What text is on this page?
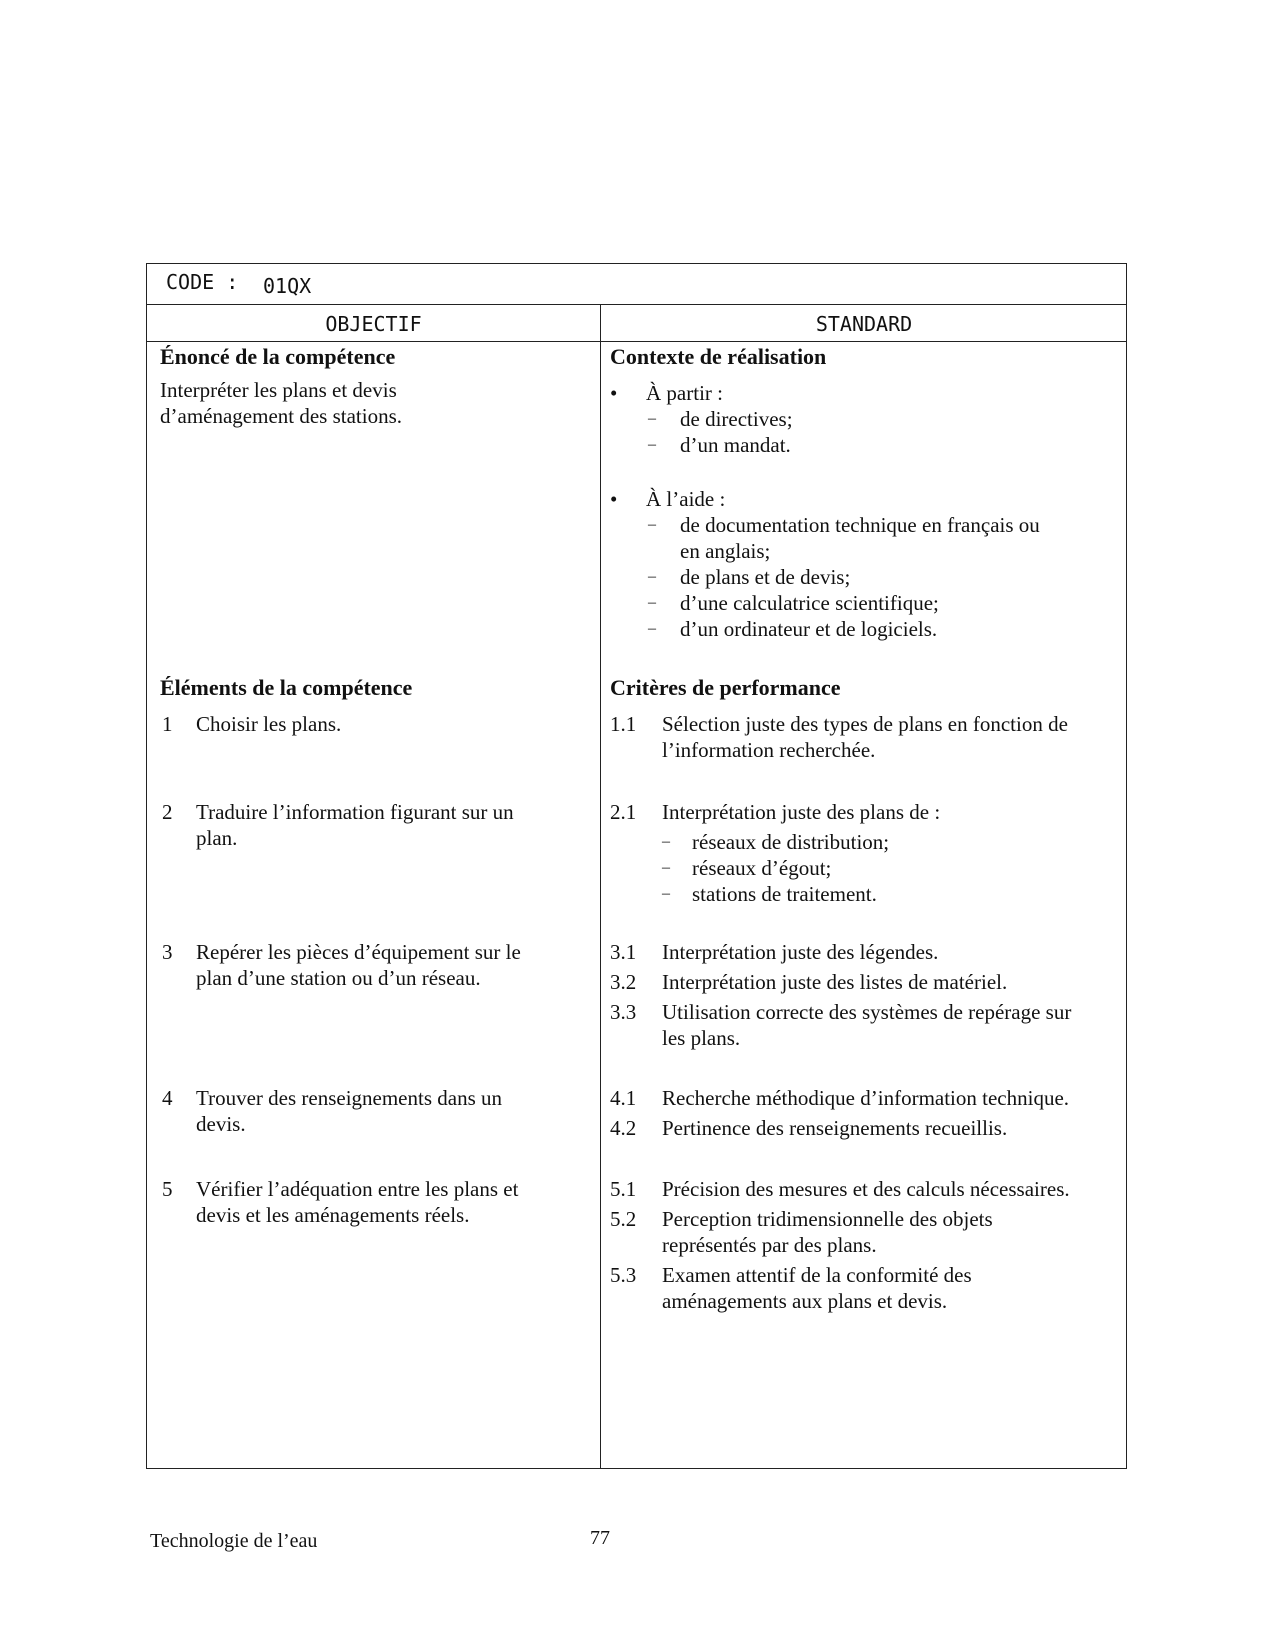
CODE : 01QX
OBJECTIF	STANDARD
Énoncé de la compétence
Interpréter les plans et devis
d’aménagement des stations.
Contexte de réalisation
• À partir :
– de directives;
– d’un mandat.
• À l’aide :
– de documentation technique en français ou
en anglais;
– de plans et de devis;
– d’une calculatrice scientifique;
– d’un ordinateur et de logiciels.
Éléments de la compétence
1 Choisir les plans.
2 Traduire l’information figurant sur un
plan.
3 Repérer les pièces d’équipement sur le
plan d’une station ou d’un réseau.
4 Trouver des renseignements dans un
devis.
5 Vérifier l’adéquation entre les plans et
devis et les aménagements réels.
Critères de performance
1.1 Sélection juste des types de plans en fonction de
l’information recherchée.
2.1 Interprétation juste des plans de :
– réseaux de distribution;
– réseaux d’égout;
– stations de traitement.
3.1 Interprétation juste des légendes.
3.2 Interprétation juste des listes de matériel.
3.3 Utilisation correcte des systèmes de repérage sur
les plans.
4.1 Recherche méthodique d’information technique.
4.2 Pertinence des renseignements recueillis.
5.1 Précision des mesures et des calculs nécessaires.
5.2 Perception tridimensionnelle des objets
représentés par des plans.
5.3 Examen attentif de la conformité des
aménagements aux plans et devis.
Technologie de l’eau	77
